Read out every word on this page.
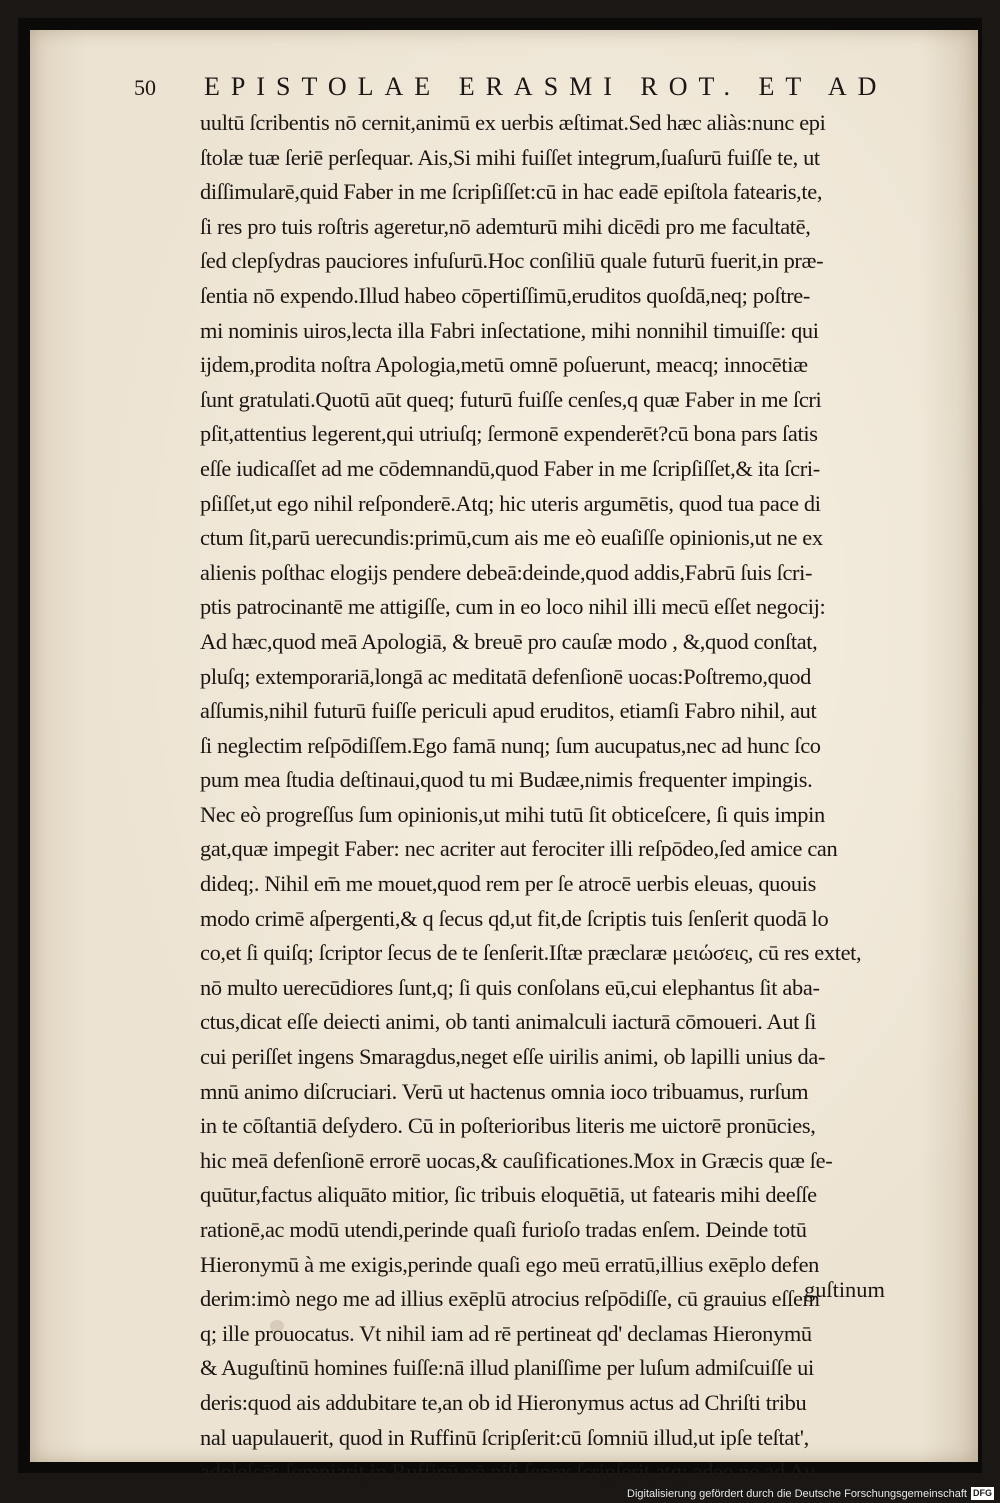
50	EPISTOLAE ERASMI ROT. ET AD
uultū ſcribentis nō cernit,animū ex uerbis æſtimat.Sed hæc aliàs:nunc epi
ſtolæ tuæ ſeriē perſequar. Ais,Si mihi fuiſſet integrum,ſuaſurū fuiſſe te, ut
diſſimularē,quid Faber in me ſcripſiſſet:cū in hac eadē epiſtola fatearis,te,
ſi res pro tuis roſtris ageretur,nō ademturū mihi dicēdi pro me facultatē,
ſed clepſydras pauciores infuſurū.Hoc conſiliū quale futurū fuerit,in præ-
ſentia nō expendo.Illud habeo cōpertiſſimū,eruditos quoſdā,neq; poſtre-
mi nominis uiros,lecta illa Fabri inſectatione, mihi nonnihil timuiſſe: qui
ijdem,prodita noſtra Apologia,metū omnē poſuerunt, meacq; innocētiæ
ſunt gratulati.Quotū aūt queq; futurū fuiſſe cenſes,q quæ Faber in me ſcri
pſit,attentius legerent,qui utriuſq; ſermonē expenderēt?cū bona pars ſatis
eſſe iudicaſſet ad me cōdemnandū,quod Faber in me ſcripſiſſet,& ita ſcri-
pſiſſet,ut ego nihil reſponderē.Atq; hic uteris argumētis, quod tua pace di
ctum ſit,parū uerecundis:primū,cum ais me eò euaſiſſe opinionis,ut ne ex
alienis poſthac elogijs pendere debeā:deinde,quod addis,Fabrū ſuis ſcri-
ptis patrocinantē me attigiſſe, cum in eo loco nihil illi mecū eſſet negocij:
Ad hæc,quod meā Apologiā, & breuē pro cauſæ modo , &,quod conſtat,
pluſq; extemporariā,longā ac meditatā defenſionē uocas:Poſtremo,quod
aſſumis,nihil futurū fuiſſe periculi apud eruditos, etiamſi Fabro nihil, aut
ſi neglectim reſpōdiſſem.Ego famā nunq; ſum aucupatus,nec ad hunc ſco
pum mea ſtudia deſtinaui,quod tu mi Budæe,nimis frequenter impingis.
Nec eò progreſſus ſum opinionis,ut mihi tutū ſit obticeſcere, ſi quis impin
gat,quæ impegit Faber: nec acriter aut ferociter illi reſpōdeo,ſed amice can
dideq;. Nihil em̄ me mouet,quod rem per ſe atrocē uerbis eleuas, quouis
modo crimē aſpergenti,& q ſecus qd,ut fit,de ſcriptis tuis ſenſerit quodā lo
co,et ſi quiſq; ſcriptor ſecus de te ſenſerit.Iſtæ præclaræ μειώσεις, cū res extet,
nō multo uerecūdiores ſunt,q; ſi quis conſolans eū,cui elephantus ſit aba-
ctus,dicat eſſe deiecti animi, ob tanti animalculi iacturā cōmoueri. Aut ſi
cui periſſet ingens Smaragdus,neget eſſe uirilis animi, ob lapilli unius da-
mnū animo diſcruciari. Verū ut hactenus omnia ioco tribuamus, rurſum
in te cōſtantiā deſydero. Cū in poſterioribus literis me uictorē pronūcies,
hic meā defenſionē errorē uocas,& cauſificationes.Mox in Græcis quæ ſe-
quūtur,factus aliquāto mitior, ſic tribuis eloquētiā, ut fatearis mihi deeſſe
rationē,ac modū utendi,perinde quaſi furioſo tradas enſem. Deinde totū
Hieronymū à me exigis,perinde quaſi ego meū erratū,illius exēplo defen
derim:imò nego me ad illius exēplū atrocius reſpōdiſſe, cū grauius eſſem
q; ille prouocatus. Vt nihil iam ad rē pertineat qd' declamas Hieronymū
& Auguſtinū homines fuiſſe:nā illud planiſſime per luſum admiſcuiſſe ui
deris:quod ais addubitare te,an ob id Hieronymus actus ad Chriſti tribu
nal uapulauerit, quod in Ruffinū ſcripſerit:cū ſomniū illud,ut ipſe teſtat',
adoleſcēs ſomniarit,in Ruffinū nō niſi ſenex ſcripſerit,atq; adeo ne ad Au
guſtinum
Digitalisierung gefördert durch die Deutsche Forschungsgemeinschaft DFG
